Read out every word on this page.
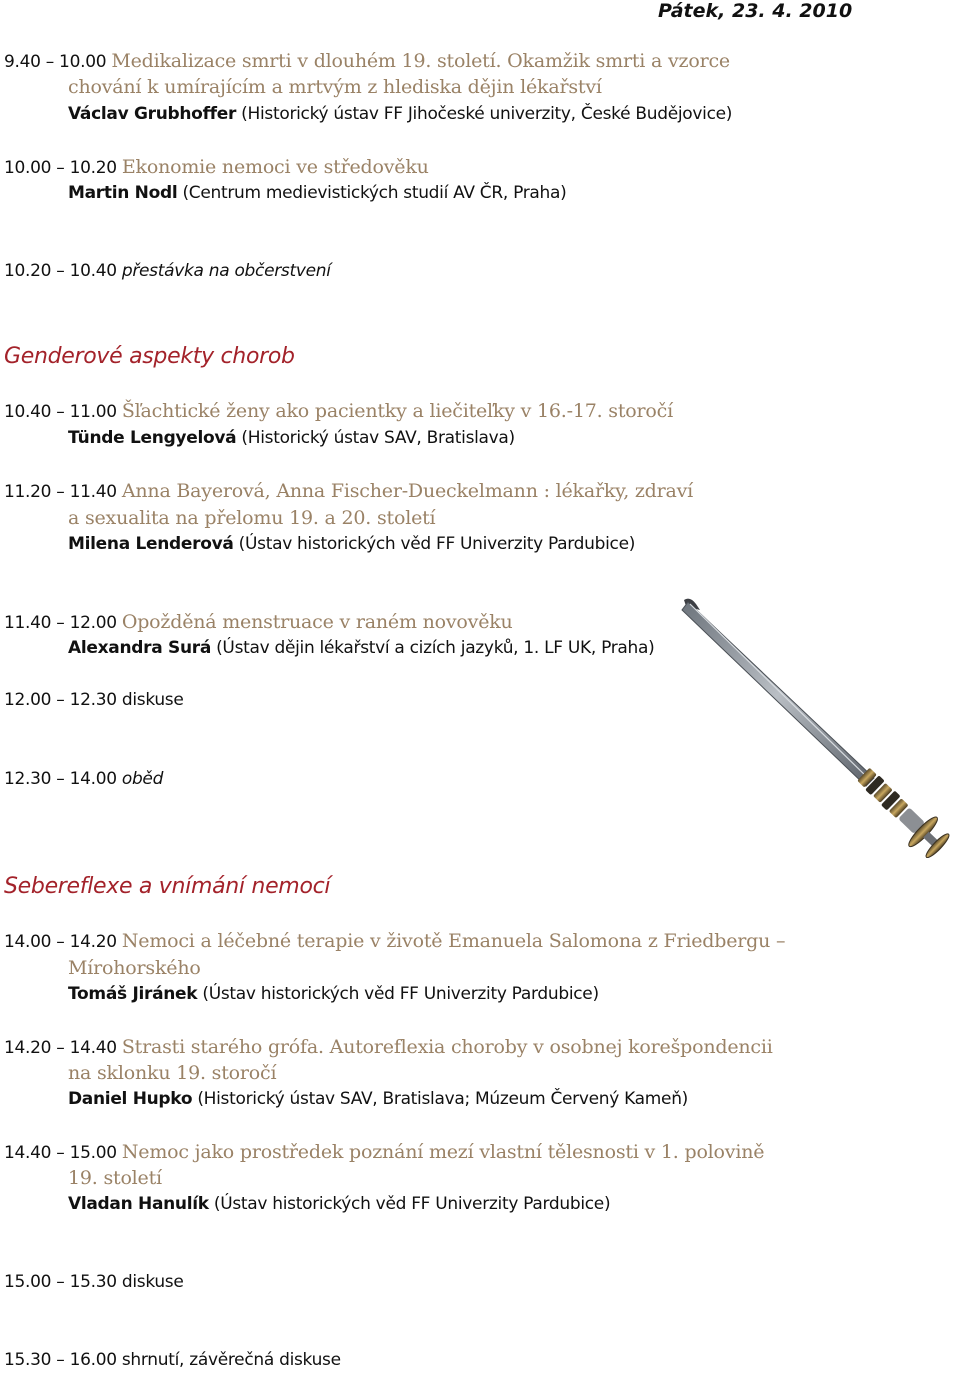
Pátek, 23. 4. 2010
9.40 – 10.00 Medikalizace smrti v dlouhém 19. století. Okamžik smrti a vzorce
chování k umírajícím a mrtvým z hlediska dějin lékařství
Václav Grubhoffer (Historický ústav FF Jihočeské univerzity, České Budějovice)
10.00 – 10.20 Ekonomie nemoci ve středověku
Martin Nodl (Centrum medievistických studií AV ČR, Praha)
10.20 – 10.40 přestávka na občerstvení
Genderové aspekty chorob
10.40 – 11.00 Šľachtické ženy ako pacientky a liečiteľky v 16.-17. storočí
Tünde Lengyelová (Historický ústav SAV, Bratislava)
11.20 – 11.40 Anna Bayerová, Anna Fischer-Dueckelmann : lékařky, zdraví
a sexualita na přelomu 19. a 20. století
Milena Lenderová (Ústav historických věd FF Univerzity Pardubice)
11.40 – 12.00 Opožděná menstruace v raném novověku
Alexandra Surá (Ústav dějin lékařství a cizích jazyků, 1. LF UK, Praha)
12.00 – 12.30 diskuse
12.30 – 14.00 oběd
Sebereflexe a vnímání nemocí
14.00 – 14.20 Nemoci a léčebné terapie v životě Emanuela Salomona z Friedbergu –
Mírohorského
Tomáš Jiránek (Ústav historických věd FF Univerzity Pardubice)
14.20 – 14.40 Strasti starého grófa. Autoreflexia choroby v osobnej korešpondencii
na sklonku 19. storočí
Daniel Hupko (Historický ústav SAV, Bratislava; Múzeum Červený Kameň)
14.40 – 15.00 Nemoc jako prostředek poznání mezí vlastní tělesnosti v 1. polovině
19. století
Vladan Hanulík (Ústav historických věd FF Univerzity Pardubice)
15.00 – 15.30 diskuse
15.30 – 16.00 shrnutí, závěrečná diskuse
